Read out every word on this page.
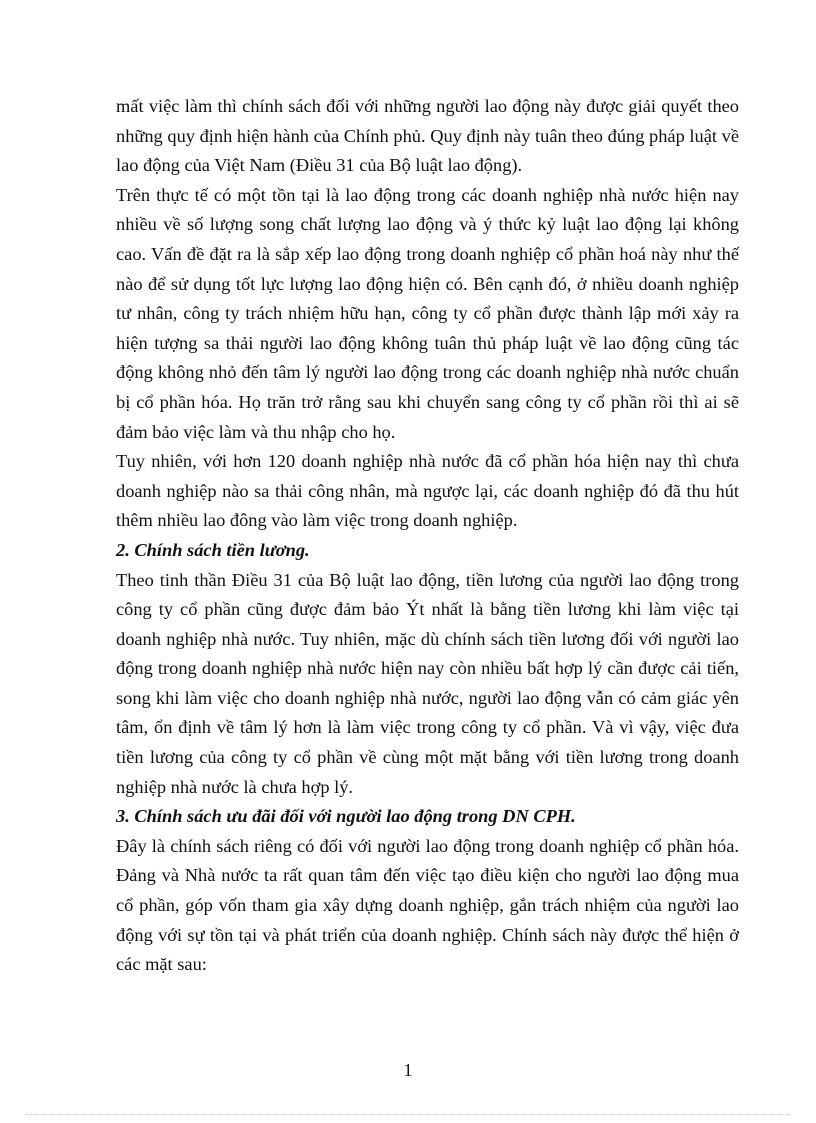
mất việc làm thì chính sách đối với những người lao động này được giải quyết theo những quy định hiện hành của Chính phủ. Quy định này tuân theo đúng pháp luật về lao động của Việt Nam (Điều 31 của Bộ luật lao động).

Trên thực tế có một tồn tại là lao động trong các doanh nghiệp nhà nước hiện nay nhiều về số lượng song chất lượng lao động và ý thức kỷ luật lao động lại không cao. Vấn đề đặt ra là sắp xếp lao động trong doanh nghiệp cổ phần hoá này như thế nào để sử dụng tốt lực lượng lao động hiện có. Bên cạnh đó, ở nhiều doanh nghiệp tư nhân, công ty trách nhiệm hữu hạn, công ty cổ phần được thành lập mới xảy ra hiện tượng sa thải người lao động không tuân thủ pháp luật về lao động cũng tác động không nhỏ đến tâm lý người lao động trong các doanh nghiệp nhà nước chuẩn bị cổ phần hóa. Họ trăn trở rằng sau khi chuyển sang công ty cổ phần rồi thì ai sẽ đảm bảo việc làm và thu nhập cho họ.

Tuy nhiên, với hơn 120 doanh nghiệp nhà nước đã cổ phần hóa hiện nay thì chưa doanh nghiệp nào sa thải công nhân, mà ngược lại, các doanh nghiệp đó đã thu hút thêm nhiều lao đông vào làm việc trong doanh nghiệp.

2. Chính sách tiền lương.

Theo tinh thần Điều 31 của Bộ luật lao động, tiền lương của người lao động trong công ty cổ phần cũng được đảm bảo Ýt nhất là bằng tiền lương khi làm việc tại doanh nghiệp nhà nước. Tuy nhiên, mặc dù chính sách tiền lương đối với người lao động trong doanh nghiệp nhà nước hiện nay còn nhiều bất hợp lý cần được cải tiến, song khi làm việc cho doanh nghiệp nhà nước, người lao động vẫn có cảm giác yên tâm, ổn định về tâm lý hơn là làm việc trong công ty cổ phần. Và vì vậy, việc đưa tiền lương của công ty cổ phần về cùng một mặt bằng với tiền lương trong doanh nghiệp nhà nước là chưa hợp lý.

3. Chính sách ưu đãi đối với người lao động trong DN CPH.

Đây là chính sách riêng có đối với người lao động trong doanh nghiệp cổ phần hóa. Đảng và Nhà nước ta rất quan tâm đến việc tạo điều kiện cho người lao động mua cổ phần, góp vốn tham gia xây dựng doanh nghiệp, gắn trách nhiệm của người lao động với sự tồn tại và phát triển của doanh nghiệp. Chính sách này được thể hiện ở các mặt sau:

1
